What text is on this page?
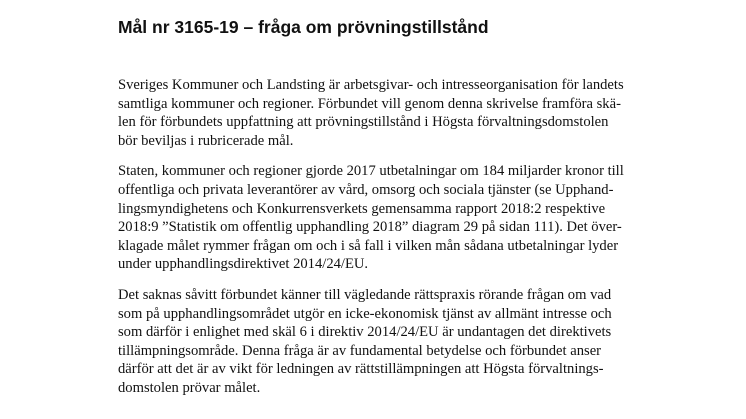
Mål nr 3165-19 – fråga om prövningstillstånd

Sveriges Kommuner och Landsting är arbetsgivar- och intresseorganisation för landets
samtliga kommuner och regioner. Förbundet vill genom denna skrivelse framföra skä-
len för förbundets uppfattning att prövningstillstånd i Högsta förvaltningsdomstolen
bör beviljas i rubricerade mål.

Staten, kommuner och regioner gjorde 2017 utbetalningar om 184 miljarder kronor till
offentliga och privata leverantörer av vård, omsorg och sociala tjänster (se Upphand-
lingsmyndighetens och Konkurrensverkets gemensamma rapport 2018:2 respektive
2018:9 ”Statistik om offentlig upphandling 2018” diagram 29 på sidan 111). Det över-
klagade målet rymmer frågan om och i så fall i vilken mån sådana utbetalningar lyder
under upphandlingsdirektivet 2014/24/EU.

Det saknas såvitt förbundet känner till vägledande rättspraxis rörande frågan om vad
som på upphandlingsområdet utgör en icke-ekonomisk tjänst av allmänt intresse och
som därför i enlighet med skäl 6 i direktiv 2014/24/EU är undantagen det direktivets
tillämpningsområde. Denna fråga är av fundamental betydelse och förbundet anser
därför att det är av vikt för ledningen av rättstillämpningen att Högsta förvaltnings-
domstolen prövar målet.
